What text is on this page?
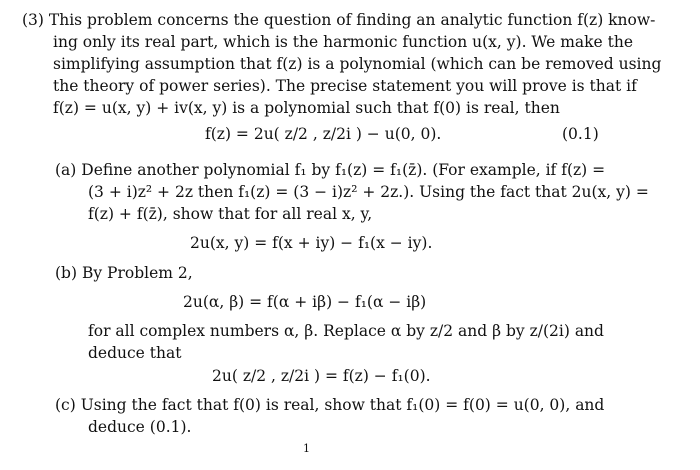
(3) This problem concerns the question of finding an analytic function f(z) know-
ing only its real part, which is the harmonic function u(x, y). We make the
simplifying assumption that f(z) is a polynomial (which can be removed using
the theory of power series). The precise statement you will prove is that if
f(z) = u(x, y) + iv(x, y) is a polynomial such that f(0) is real, then
f(z) = 2u( z/2 , z/2i ) − u(0, 0).	(0.1)
(a) Define another polynomial f₁ by f₁(z) = f₁(z̄). (For example, if f(z) =
(3 + i)z² + 2z then f₁(z) = (3 − i)z² + 2z.). Using the fact that 2u(x, y) =
f(z) + f(z̄), show that for all real x, y,
2u(x, y) = f(x + iy) − f₁(x − iy).
(b) By Problem 2,
2u(α, β) = f(α + iβ) − f₁(α − iβ)
for all complex numbers α, β. Replace α by z/2 and β by z/(2i) and
deduce that
2u( z/2 , z/2i ) = f(z) − f₁(0).
(c) Using the fact that f(0) is real, show that f₁(0) = f(0) = u(0, 0), and
deduce (0.1).
1
